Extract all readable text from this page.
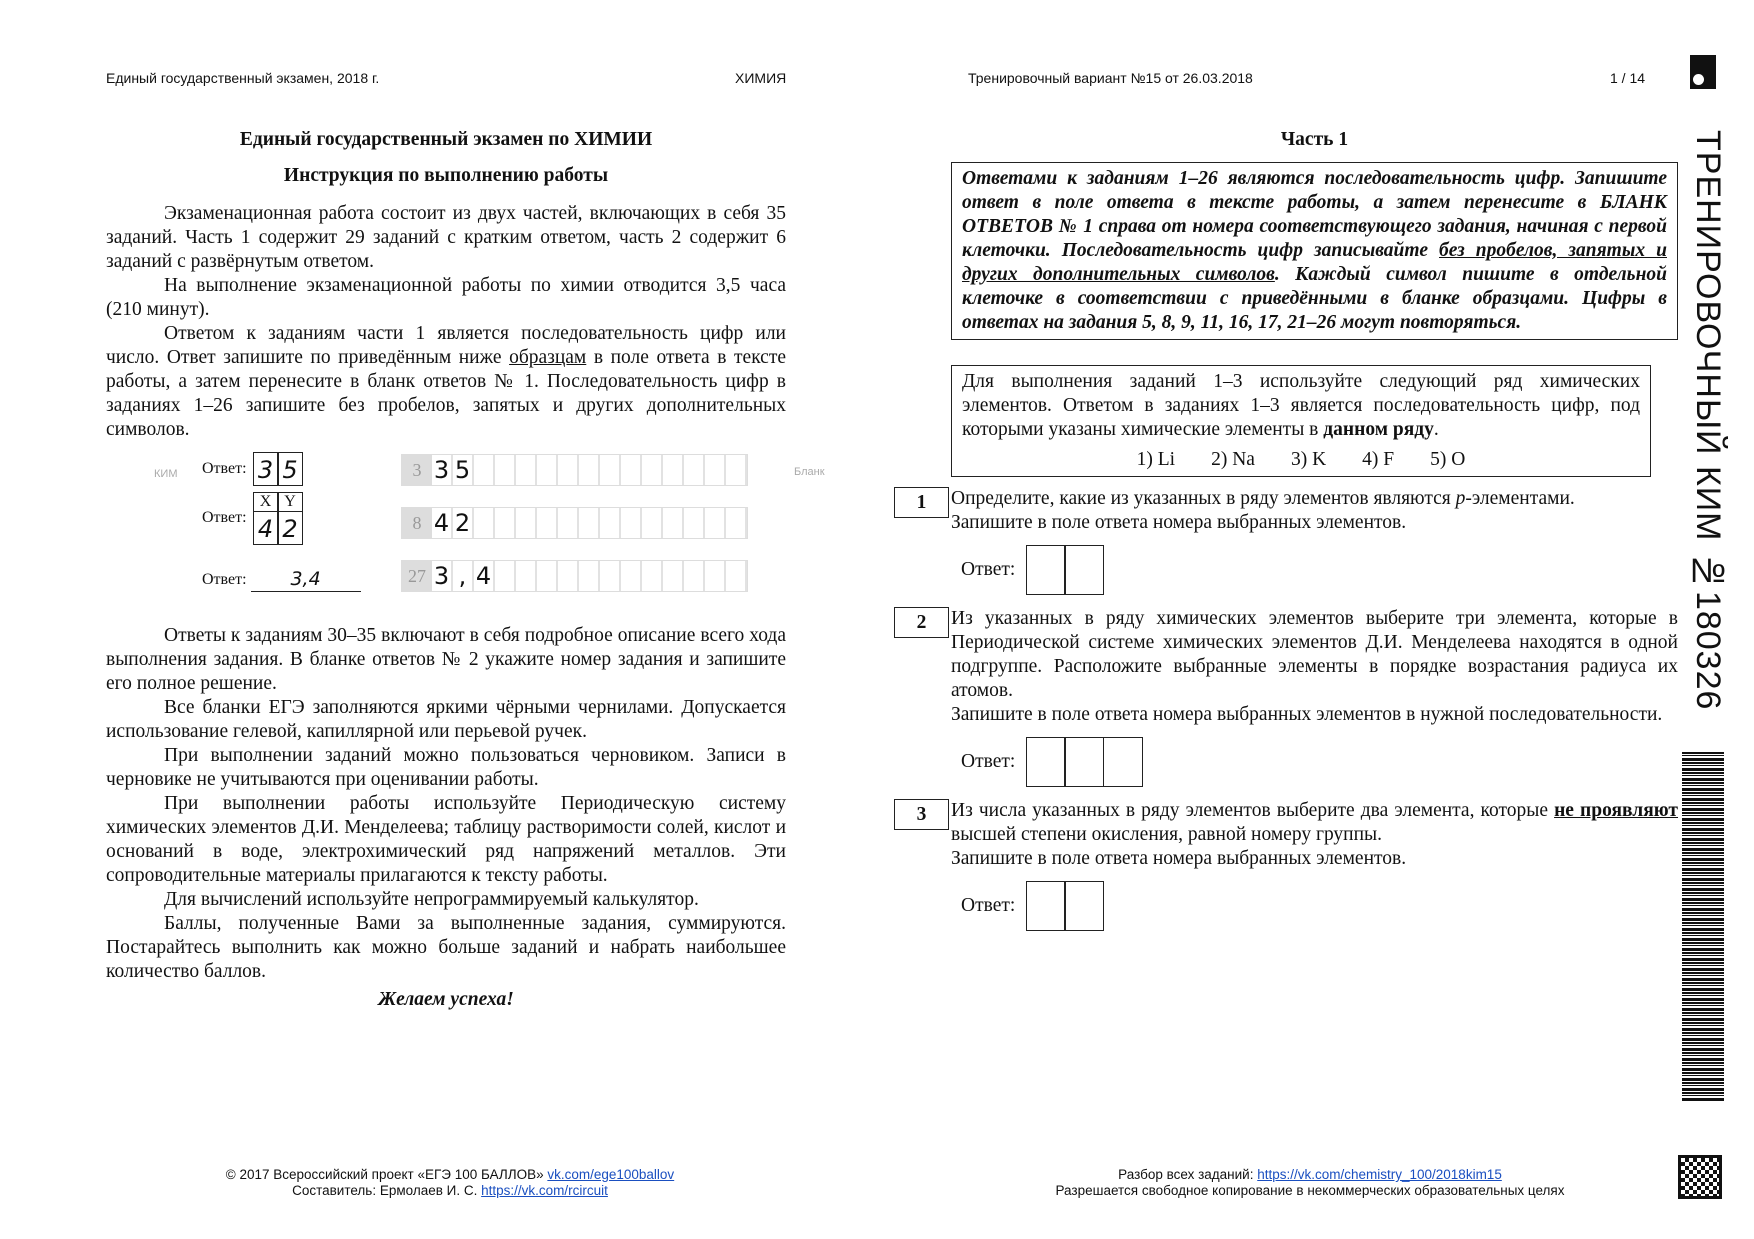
Единый государственный экзамен, 2018 г.	ХИМИЯ	Тренировочный вариант №15 от 26.03.2018	1 / 14
Единый государственный экзамен по ХИМИИ
Инструкция по выполнению работы

Экзаменационная работа состоит из двух частей, включающих в себя 35 заданий. Часть 1 содержит 29 заданий с кратким ответом, часть 2 содержит 6 заданий с развёрнутым ответом.

На выполнение экзаменационной работы по химии отводится 3,5 часа (210 минут).

Ответом к заданиям части 1 является последовательность цифр или число. Ответ запишите по приведённым ниже образцам в поле ответа в тексте работы, а затем перенесите в бланк ответов № 1. Последовательность цифр в заданиях 1–26 запишите без пробелов, запятых и других дополнительных символов.

КИМ	Бланк
Ответ: 3 5
Ответ:
X Y
4 2
Ответ:	3,4
3 3 5
8 4 2
27 3 , 4

Ответы к заданиям 30–35 включают в себя подробное описание всего хода выполнения задания. В бланке ответов № 2 укажите номер задания и запишите его полное решение.

Все бланки ЕГЭ заполняются яркими чёрными чернилами. Допускается использование гелевой, капиллярной или перьевой ручек.

При выполнении заданий можно пользоваться черновиком. Записи в черновике не учитываются при оценивании работы.

При выполнении работы используйте Периодическую систему химических элементов Д.И. Менделеева; таблицу растворимости солей, кислот и оснований в воде, электрохимический ряд напряжений металлов. Эти сопроводительные материалы прилагаются к тексту работы.

Для вычислений используйте непрограммируемый калькулятор.

Баллы, полученные Вами за выполненные задания, суммируются. Постарайтесь выполнить как можно больше заданий и набрать наибольшее количество баллов.

Желаем успеха!

Часть 1
Ответами к заданиям 1–26 являются последовательность цифр. Запишите ответ в поле ответа в тексте работы, а затем перенесите в БЛАНК ОТВЕТОВ № 1 справа от номера соответствующего задания, начиная с первой клеточки. Последовательность цифр записывайте без пробелов, запятых и других дополнительных символов. Каждый символ пишите в отдельной клеточке в соответствии с приведёнными в бланке образцами. Цифры в ответах на задания 5, 8, 9, 11, 16, 17, 21–26 могут повторяться.
Для выполнения заданий 1–3 используйте следующий ряд химических элементов. Ответом в заданиях 1–3 является последовательность цифр, под которыми указаны химические элементы в данном ряду.
1) Li 2) Na 3) K 4) F 5) O
1	Определите, какие из указанных в ряду элементов являются p-элементами.
Запишите в поле ответа номера выбранных элементов.
Ответ:
2	Из указанных в ряду химических элементов выберите три элемента, которые в Периодической системе химических элементов Д.И. Менделеева находятся в одной подгруппе. Расположите выбранные элементы в порядке возрастания радиуса их атомов.
Запишите в поле ответа номера выбранных элементов в нужной последовательности.
Ответ:
3	Из числа указанных в ряду элементов выберите два элемента, которые не проявляют высшей степени окисления, равной номеру группы.
Запишите в поле ответа номера выбранных элементов.
Ответ:
ТРЕНИРОВОЧНЫЙ КИМ №180326
© 2017 Всероссийский проект «ЕГЭ 100 БАЛЛОВ» vk.com/ege100ballov
Составитель: Ермолаев И. С. https://vk.com/rcircuit
Разбор всех заданий: https://vk.com/chemistry_100/2018kim15
Разрешается свободное копирование в некоммерческих образовательных целях
